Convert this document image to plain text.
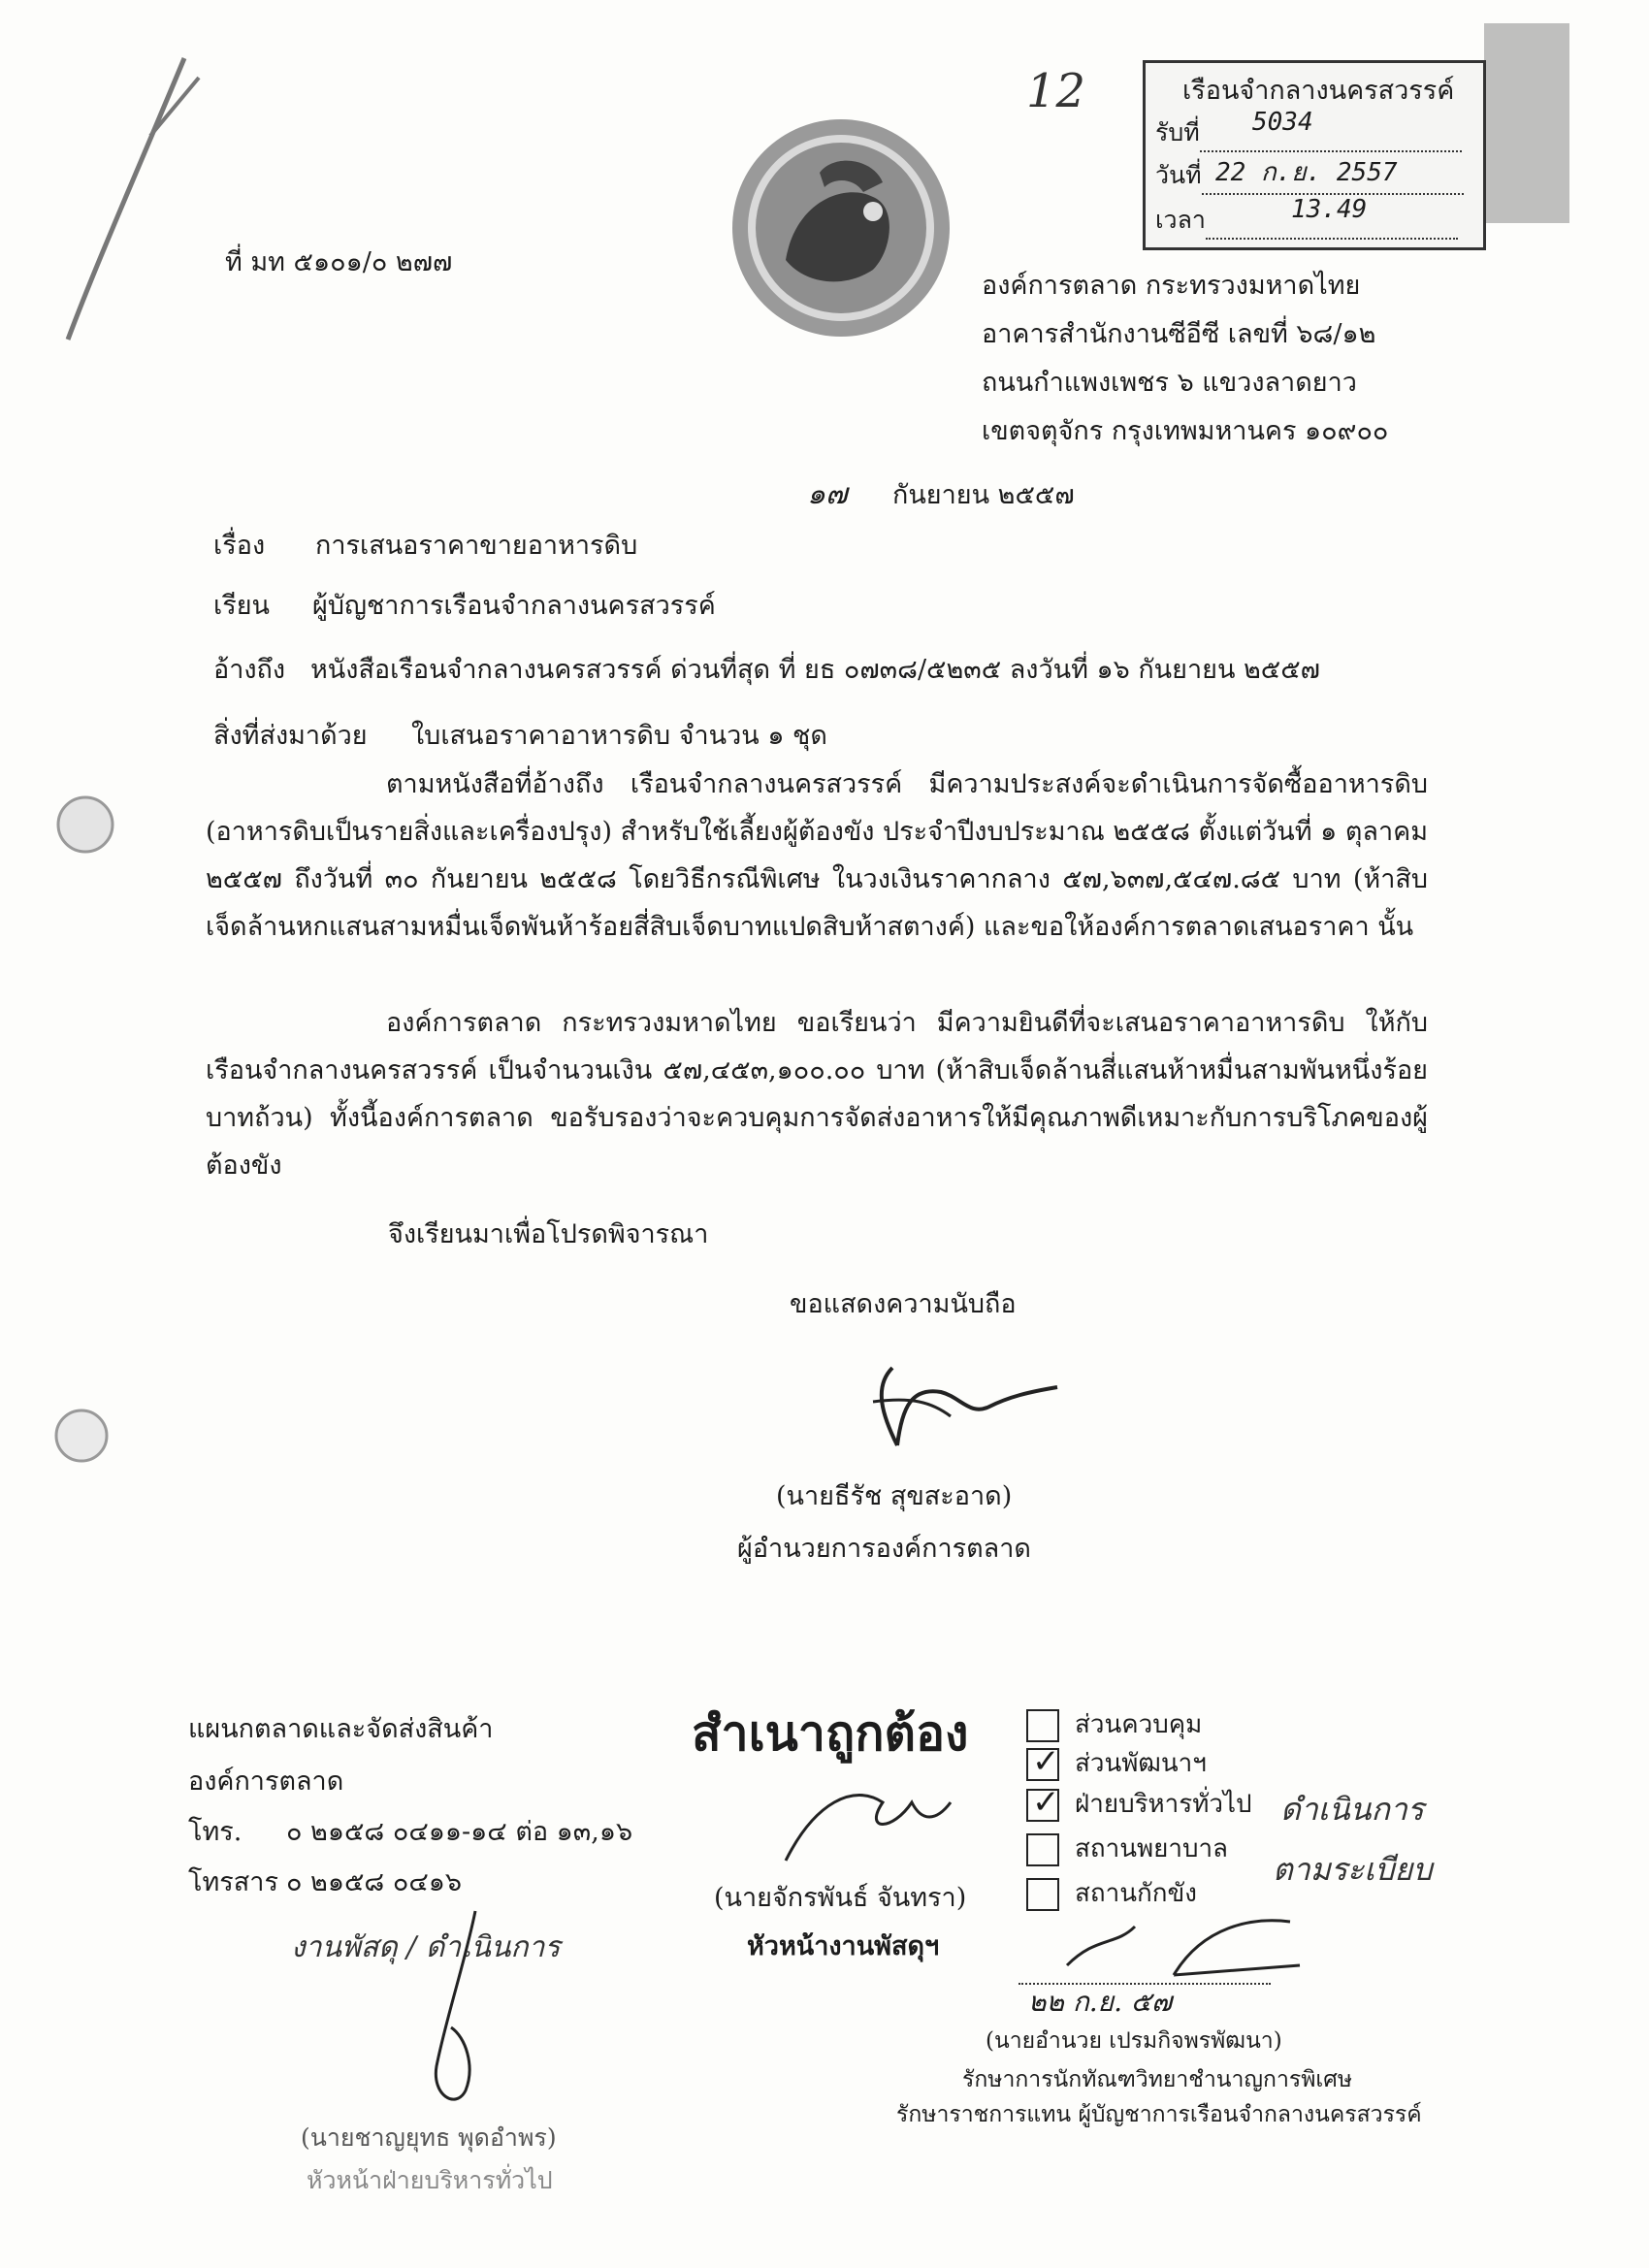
12	เรือนจำกลางนครสวรรค์
รับที่	5034
วันที่ 22 ก.ย. 2557
เวลา	13.49
ที่ มท ๕๑๐๑/๐ ๒๗๗
องค์การตลาด กระทรวงมหาดไทย
อาคารสำนักงานซีอีซี เลขที่ ๖๘/๑๒
ถนนกำแพงเพชร ๖ แขวงลาดยาว
เขตจตุจักร กรุงเทพมหานคร ๑๐๙๐๐
๑๗ กันยายน ๒๕๕๗
เรื่อง การเสนอราคาขายอาหารดิบ
เรียน ผู้บัญชาการเรือนจำกลางนครสวรรค์
อ้างถึง หนังสือเรือนจำกลางนครสวรรค์ ด่วนที่สุด ที่ ยธ ๐๗๓๘/๕๒๓๕ ลงวันที่ ๑๖ กันยายน ๒๕๕๗
สิ่งที่ส่งมาด้วย ใบเสนอราคาอาหารดิบ จำนวน ๑ ชุด
ตามหนังสือที่อ้างถึง เรือนจำกลางนครสวรรค์ มีความประสงค์จะดำเนินการจัดซื้ออาหารดิบ (อาหารดิบเป็นรายสิ่งและเครื่องปรุง) สำหรับใช้เลี้ยงผู้ต้องขัง ประจำปีงบประมาณ ๒๕๕๘ ตั้งแต่วันที่ ๑ ตุลาคม ๒๕๕๗ ถึงวันที่ ๓๐ กันยายน ๒๕๕๘ โดยวิธีกรณีพิเศษ ในวงเงินราคากลาง ๕๗,๖๓๗,๕๔๗.๘๕ บาท (ห้าสิบเจ็ดล้านหกแสนสามหมื่นเจ็ดพันห้าร้อยสี่สิบเจ็ดบาทแปดสิบห้าสตางค์) และขอให้องค์การตลาดเสนอราคา นั้น
องค์การตลาด กระทรวงมหาดไทย ขอเรียนว่า มีความยินดีที่จะเสนอราคาอาหารดิบ ให้กับเรือนจำกลางนครสวรรค์ เป็นจำนวนเงิน ๕๗,๔๕๓,๑๐๐.๐๐ บาท (ห้าสิบเจ็ดล้านสี่แสนห้าหมื่นสามพันหนึ่งร้อยบาทถ้วน) ทั้งนี้องค์การตลาด ขอรับรองว่าจะควบคุมการจัดส่งอาหารให้มีคุณภาพดีเหมาะกับการบริโภคของผู้ต้องขัง
จึงเรียนมาเพื่อโปรดพิจารณา
ขอแสดงความนับถือ
(นายธีรัช สุขสะอาด)
ผู้อำนวยการองค์การตลาด
แผนกตลาดและจัดส่งสินค้า
องค์การตลาด
โทร. ๐ ๒๑๕๘ ๐๔๑๑-๑๔ ต่อ ๑๓,๑๖
โทรสาร ๐ ๒๑๕๘ ๐๔๑๖
สำเนาถูกต้อง
(นายจักรพันธ์ จันทรา)
หัวหน้างานพัสดุฯ
ส่วนควบคุม
✓ ส่วนพัฒนาฯ
✓ ฝ่ายบริหารทั่วไป
สถานพยาบาล
สถานกักขัง
ดำเนินการ
ตามระเบียบ
๒๒ ก.ย. ๕๗
(นายอำนวย เปรมกิจพรพัฒนา)
รักษาการนักทัณฑวิทยาชำนาญการพิเศษ
รักษาราชการแทน ผู้บัญชาการเรือนจำกลางนครสวรรค์
งานพัสดุ / ดำเนินการ
(นายชาญยุทธ พุดอำพร)
หัวหน้าฝ่ายบริหารทั่วไป
